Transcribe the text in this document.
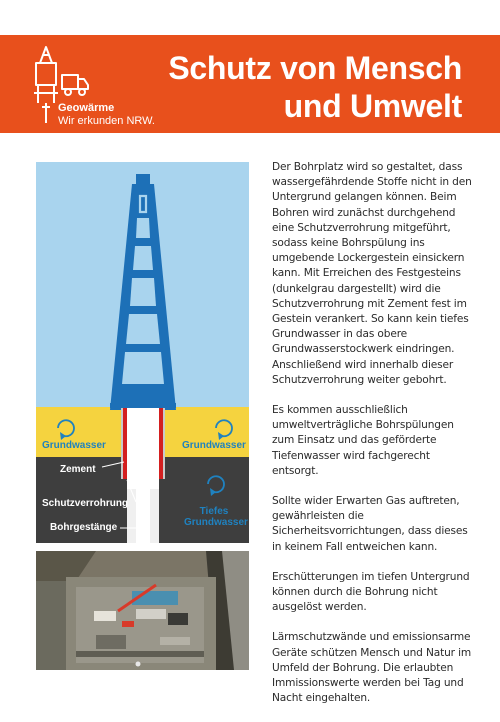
Geowärme
Wir erkunden NRW.
Schutz von Mensch
und Umwelt
Grundwasser	Grundwasser
Zement
Schutzverrohrung
Tiefes
Grundwasser
Bohrgestänge

Der Bohrplatz wird so gestaltet, dass wassergefährdende Stoffe nicht in den Untergrund gelangen können. Beim Bohren wird zunächst durchgehend eine Schutzverrohrung mitgeführt, sodass keine Bohrspülung ins umgebende Lockergestein einsickern kann. Mit Erreichen des Festgesteins (dunkelgrau dargestellt) wird die Schutzverrohrung mit Zement fest im Gestein verankert. So kann kein tiefes Grundwasser in das obere Grundwasserstockwerk eindringen. Anschließend wird innerhalb dieser Schutzverrohrung weiter gebohrt.

Es kommen ausschließlich umweltverträgliche Bohrspülungen zum Einsatz und das geförderte Tiefenwasser wird fachgerecht entsorgt.

Sollte wider Erwarten Gas auftreten, gewährleisten die Sicherheitsvorrichtungen, dass dieses in keinem Fall entweichen kann.

Erschütterungen im tiefen Untergrund können durch die Bohrung nicht ausgelöst werden.

Lärmschutzwände und emissionsarme Geräte schützen Mensch und Natur im Umfeld der Bohrung. Die erlaubten Immissionswerte werden bei Tag und Nacht eingehalten.
